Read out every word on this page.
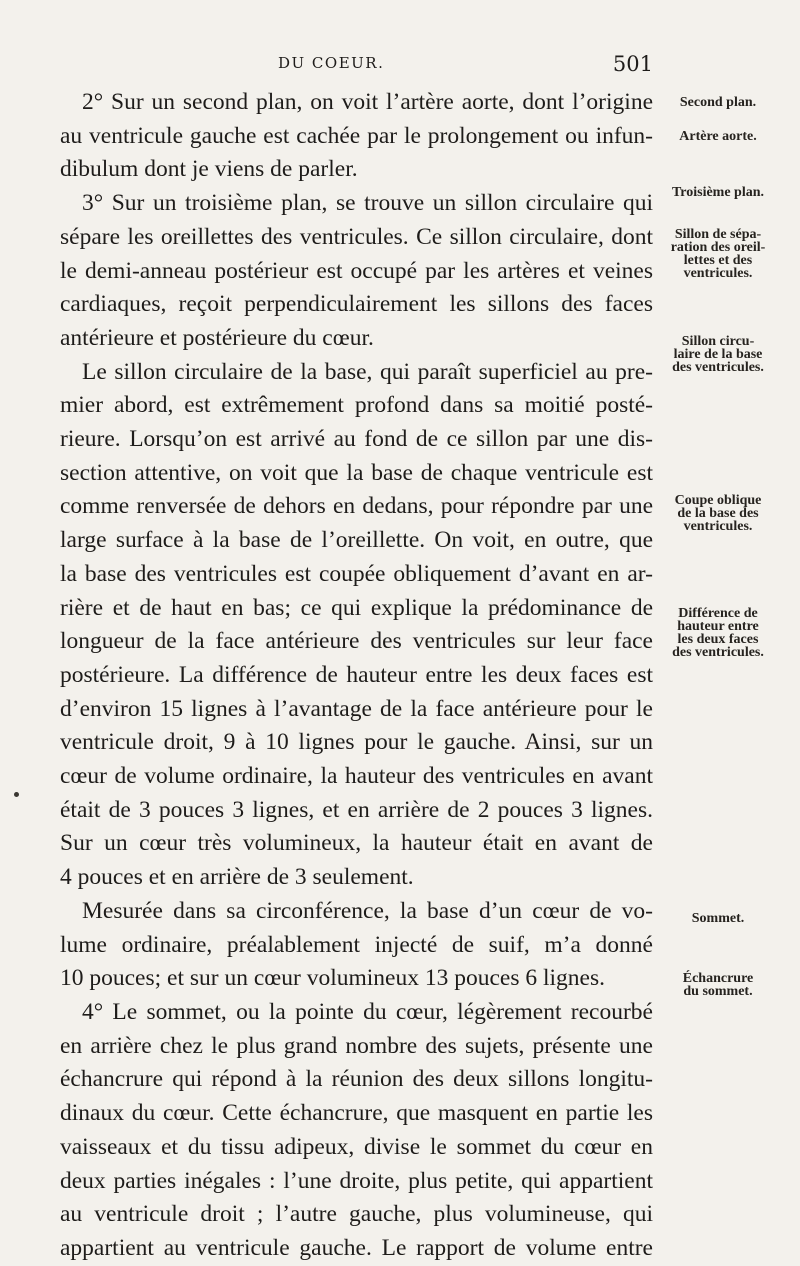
DU COEUR.	501
2° Sur un second plan, on voit l’artère aorte, dont l’origine
au ventricule gauche est cachée par le prolongement ou infun-
dibulum dont je viens de parler.
3° Sur un troisième plan, se trouve un sillon circulaire qui
sépare les oreillettes des ventricules. Ce sillon circulaire, dont
le demi-anneau postérieur est occupé par les artères et veines
cardiaques, reçoit perpendiculairement les sillons des faces
antérieure et postérieure du cœur.
Le sillon circulaire de la base, qui paraît superficiel au pre-
mier abord, est extrêmement profond dans sa moitié posté-
rieure. Lorsqu’on est arrivé au fond de ce sillon par une dis-
section attentive, on voit que la base de chaque ventricule est
comme renversée de dehors en dedans, pour répondre par une
large surface à la base de l’oreillette. On voit, en outre, que
la base des ventricules est coupée obliquement d’avant en ar-
rière et de haut en bas; ce qui explique la prédominance de
longueur de la face antérieure des ventricules sur leur face
postérieure. La différence de hauteur entre les deux faces est
d’environ 15 lignes à l’avantage de la face antérieure pour le
ventricule droit, 9 à 10 lignes pour le gauche. Ainsi, sur un
cœur de volume ordinaire, la hauteur des ventricules en avant
était de 3 pouces 3 lignes, et en arrière de 2 pouces 3 lignes.
Sur un cœur très volumineux, la hauteur était en avant de
4 pouces et en arrière de 3 seulement.
Mesurée dans sa circonférence, la base d’un cœur de vo-
lume ordinaire, préalablement injecté de suif, m’a donné
10 pouces; et sur un cœur volumineux 13 pouces 6 lignes.
4° Le sommet, ou la pointe du cœur, légèrement recourbé
en arrière chez le plus grand nombre des sujets, présente une
échancrure qui répond à la réunion des deux sillons longitu-
dinaux du cœur. Cette échancrure, que masquent en partie les
vaisseaux et du tissu adipeux, divise le sommet du cœur en
deux parties inégales : l’une droite, plus petite, qui appartient
au ventricule droit ; l’autre gauche, plus volumineuse, qui
appartient au ventricule gauche. Le rapport de volume entre
Second plan.
Artère aorte.
Troisième plan.
Sillon de sépa-
ration des oreil-
lettes et des
ventricules.
Sillon circu-
laire de la base
des ventricules.
Coupe oblique
de la base des
ventricules.
Différence de
hauteur entre
les deux faces
des ventricules.
Sommet.
Échancrure
du sommet.
